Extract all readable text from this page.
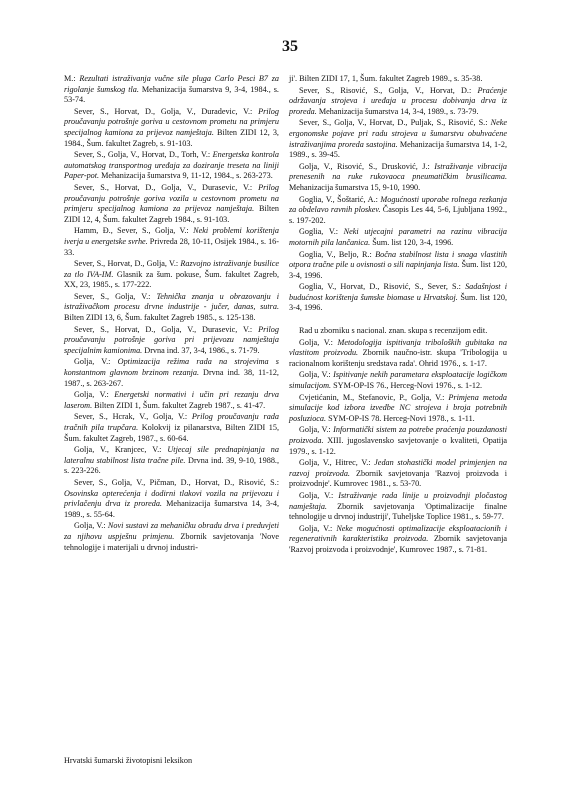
35
M.: Rezultati istraživanja vučne sile pluga Carlo Pesci B7 za rigolanje šumskog tla. Mehanizacija šumarstva 9, 3-4, 1984., s. 53-74.
Sever, S., Horvat, D., Golja, V., Duradevic, V.: Prilog proučavanju potrošnje goriva u cestovnom prometu na primjeru specijalnog kamiona za prijevoz namještaja. Bilten ZIDI 12, 3, 1984., Šum. fakultet Zagreb, s. 91-103.
Sever, S., Golja, V., Horvat, D., Torh, V.: Energetska kontrola automatskog transportnog uređaja za doziranje treseta na liniji Paper-pot. Mehanizacija šumarstva 9, 11-12, 1984., s. 263-273.
Sever, S., Horvat, D., Golja, V., Durasevic, V.: Prilog proučavanju potrošnje goriva vozila u cestovnom prometu na primjeru specijalnog kamiona za prijevoz namještaja. Bilten ZIDI 12, 4, Šum. fakultet Zagreb 1984., s. 91-103.
Hamm, Đ., Sever, S., Golja, V.: Neki problemi korištenja iverja u energetske svrhe. Privreda 28, 10-11, Osijek 1984., s. 16-33.
Sever, S., Horvat, D., Golja, V.: Razvojno istraživanje busilice za tlo IVA-IM. Glasnik za šum. pokuse, Šum. fakultet Zagreb, XX, 23, 1985., s. 177-222.
Sever, S., Golja, V.: Tehnička znanja u obrazovanju i istraživačkom procesu drvne industrije - jučer, danas, sutra. Bilten ZIDI 13, 6, Šum. fakultet Zagreb 1985., s. 125-138.
Sever, S., Horvat, D., Golja, V., Durasevic, V.: Prilog proučavanju potrošnje goriva pri prijevozu namještaja specijalnim kamionima. Drvna ind. 37, 3-4, 1986., s. 71-79.
Golja, V.: Optimizacija režima rada na strojevima s konstantnom glavnom brzinom rezanja. Drvna ind. 38, 11-12, 1987., s. 263-267.
Golja, V.: Energetski normativi i učin pri rezanju drva laserom. Bilten ZIDI 1, Šum. fakultet Zagreb 1987., s. 41-47.
Sever, S., Hcrak, V., Golja, V.: Prilog proučavanju rada tračnih pila trupčara. Kolokvij iz pilanarstva, Bilten ZIDI 15, Šum. fakultet Zagreb, 1987., s. 60-64.
Golja, V., Kranjcec, V.: Utjecaj sile prednapinjanja na lateralnu stabilnost lista tračne pile. Drvna ind. 39, 9-10, 1988., s. 223-226.
Sever, S., Golja, V., Pičman, D., Horvat, D., Risović, S.: Osovinska opterećenja i dodirni tlakovi vozila na prijevozu i privlačenju drva iz proreda. Mehanizacija šumarstva 14, 3-4, 1989., s. 55-64.
Golja, V.: Novi sustavi za mehaničku obradu drva i preduvjeti za njihovu uspješnu primjenu. Zbornik savjetovanja 'Nove tehnologije i materijali u drvnoj industri-
ji'. Bilten ZIDI 17, 1, Šum. fakultet Zagreb 1989., s. 35-38.
Sever, S., Risović, S., Golja, V., Horvat, D.: Praćenje održavanja strojeva i uređaja u procesu dobivanja drva iz proreda. Mehanizacija šumarstva 14, 3-4, 1989., s. 73-79.
Sever, S., Golja, V., Horvat, D., Puljak, S., Risović, S.: Neke ergonomske pojave pri radu strojeva u šumarstvu obuhvaćene istraživanjima proreda sastojina. Mehanizacija šumarstva 14, 1-2, 1989., s. 39-45.
Golja, V., Risović, S., Drusković, J.: Istraživanje vibracija prenesenih na ruke rukovaoca pneumatičkim brusilicama. Mehanizacija šumarstva 15, 9-10, 1990.
Goglia, V., Šoštarić, A.: Mogućnosti uporabe rolnega rezkanja za obdelavo ravnih ploskev. Časopis Les 44, 5-6, Ljubljana 1992., s. 197-202.
Goglia, V.: Neki utjecajni parametri na razinu vibracija motornih pila lančanica. Šum. list 120, 3-4, 1996.
Goglia, V., Beljo, R.: Bočna stabilnost lista i snaga vlastitih otpora tračne pile u ovisnosti o sili napinjanja lista. Šum. list 120, 3-4, 1996.
Goglia, V., Horvat, D., Risović, S., Sever, S.: Sadašnjost i budućnost korištenja šumske biomase u Hrvatskoj. Šum. list 120, 3-4, 1996.
Rad u zborniku s nacional. znan. skupa s recenzijom edit.
Golja, V.: Metodologija ispitivanja triboloških gubitaka na vlastitom proizvodu. Zbornik naučno-istr. skupa 'Tribologija u racionalnom korištenju sredstava rada'. Ohrid 1976., s. 1-17.
Golja, V.: Ispitivanje nekih parametara eksploatacije logičkom simulacijom. SYM-OP-IS 76., Herceg-Novi 1976., s. 1-12.
Cvjetićanin, M., Stefanovic, P., Golja, V.: Primjena metoda simulacije kod izbora izvedbe NC strojeva i broja potrebnih posluzioca. SYM-OP-IS 78. Herceg-Novi 1978., s. 1-11.
Golja, V.: Informatički sistem za potrebe praćenja pouzdanosti proizvoda. XIII. jugoslavensko savjetovanje o kvaliteti, Opatija 1979., s. 1-12.
Golja, V., Hitrec, V.: Jedan stohastički model primjenjen na razvoj proizvoda. Zbornik savjetovanja 'Razvoj proizvoda i proizvodnje'. Kumrovec 1981., s. 53-70.
Golja, V.: Istraživanje rada linije u proizvodnji pločastog namještaja. Zbornik savjetovanja 'Optimalizacije finalne tehnologije u drvnoj industriji', Tuheljske Toplice 1981., s. 59-77.
Golja, V.: Neke mogućnosti optimalizacije eksploatacionih i regenerativnih karakteristika proizvoda. Zbornik savjetovanja 'Razvoj proizvoda i proizvodnje', Kumrovec 1987., s. 71-81.
Hrvatski šumarski životopisni leksikon
